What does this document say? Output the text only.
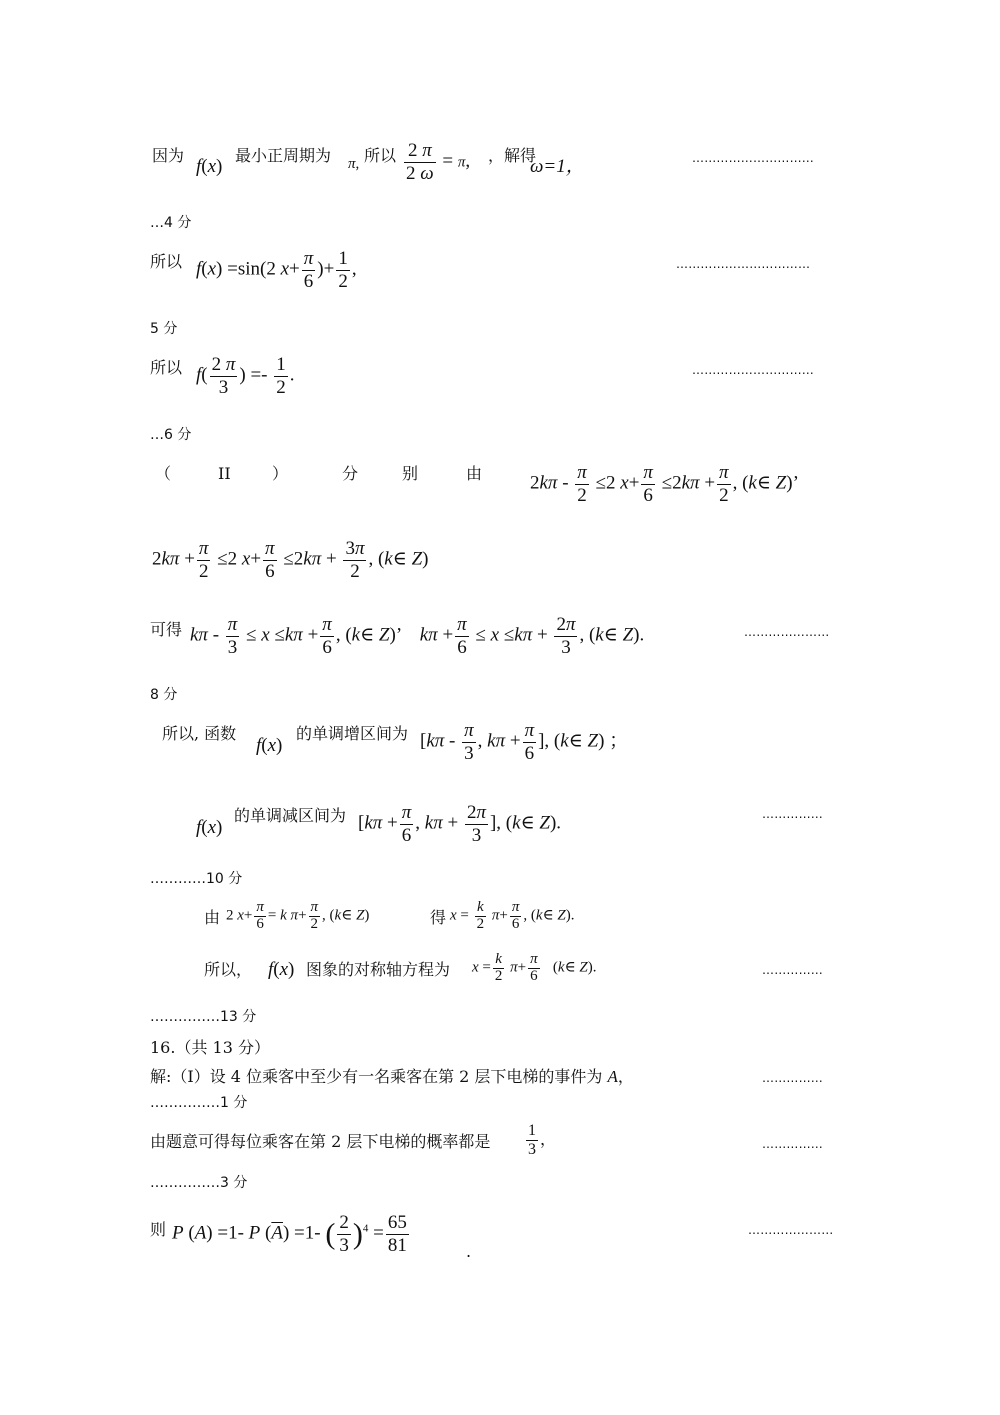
因为
f(x)
最小正周期为 π, 所以 $\frac{2 \pi}{2 \omega} = \pi$, ，解得
ω=1，	…………………………
…4 分
所以 f(x) =sin(2 $x+ \frac{\pi}{6}$ )+ $\frac{1}{2}$ ,	……………………………
5 分
所以 $f( \frac{2 \pi}{3}$ ) =- $\frac{1}{2}$ .	…………………………
…6 分
（	II	）	分	别	由	$2k\pi - \frac{\pi}{2} \le 2$ $x+ \frac{\pi}{6} \le 2k\pi + \frac{\pi}{2}$ , (k∈ Z)’
$2k\pi + \frac{\pi}{2} \le 2$ $x+ \frac{\pi}{6} \le 2k\pi + \frac{3\pi}{2}$ , (k∈ Z)
可得 $k\pi - \frac{\pi}{3} \le x \le k\pi + \frac{\pi}{6}$ , (k∈ Z)’    $k\pi + \frac{\pi}{6} \le x \le k\pi + \frac{2\pi}{3}$ , (k∈ Z).	…………………
8 分
所以, 函数
f(x)
的单调增区间为 [$k\pi - \frac{\pi}{3}$ , $k\pi + \frac{\pi}{6}$ ], (k∈ Z) ；
f(x)
的单调减区间为 [$k\pi + \frac{\pi}{6}$ , $k\pi + \frac{2\pi}{3}$ ], (k∈ Z).	……………
…………10 分
由 2 $x+ \frac{\pi}{6} = k$ $\pi+ \frac{\pi}{2}$ , (k∈ Z)	得 $x = \frac{k}{2} \pi+ \frac{\pi}{6}$ , (k∈ Z).
所以， f(x) 图象的对称轴方程为 $x = \frac{k}{2} \pi+ \frac{\pi}{6}$ (k∈ Z).	……………
……………13 分
16.（共 13 分）
解:（Ⅰ）设 4 位乘客中至少有一名乘客在第 2 层下电梯的事件为 A，	……………
……………1 分
由题意可得每位乘客在第 2 层下电梯的概率都是 $\frac{1}{3}$ ，	……………
……………3 分
则 P (A) =1- P $(\overline{A}) =1-$ ( $\frac{2}{3} )^4 = \frac{65}{81}$	.
…………………
